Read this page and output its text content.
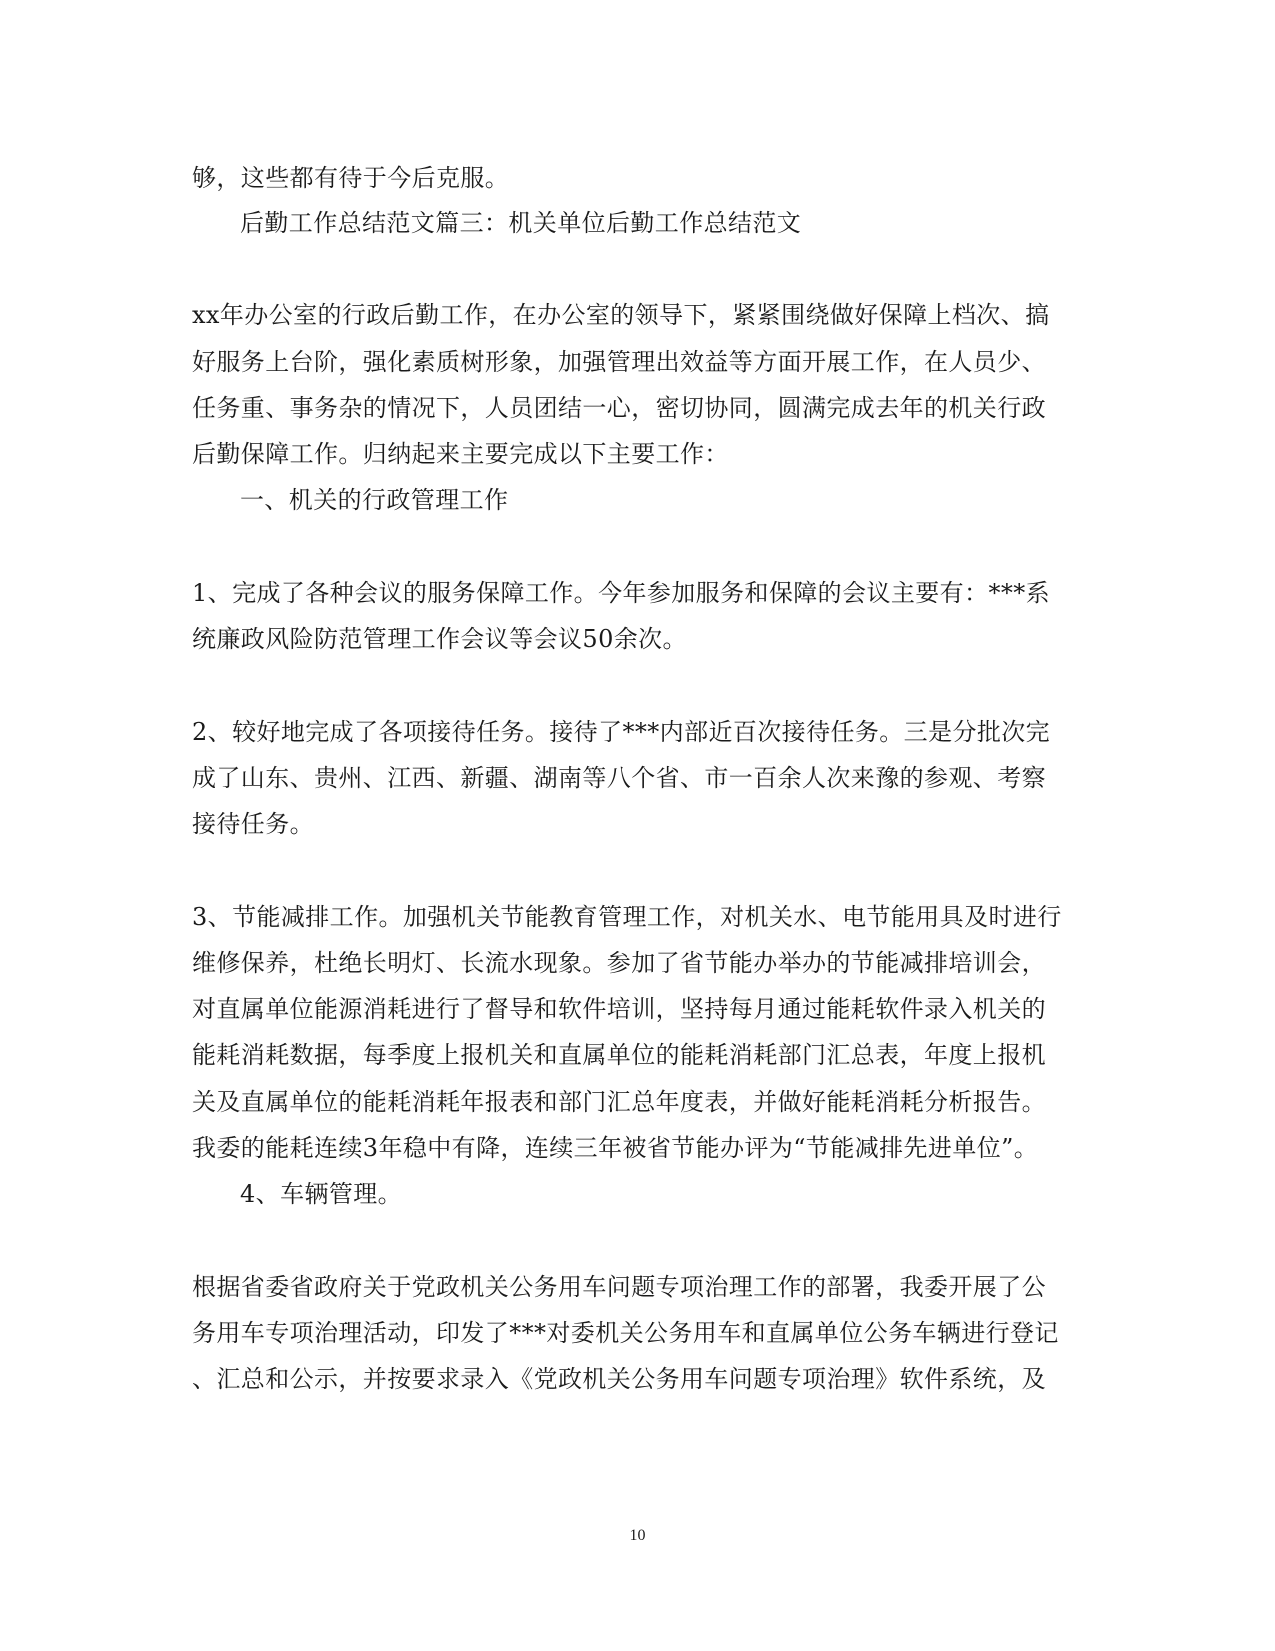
够，这些都有待于今后克服。
后勤工作总结范文篇三：机关单位后勤工作总结范文
xx年办公室的行政后勤工作，在办公室的领导下，紧紧围绕做好保障上档次、搞
好服务上台阶，强化素质树形象，加强管理出效益等方面开展工作，在人员少、
任务重、事务杂的情况下，人员团结一心，密切协同，圆满完成去年的机关行政
后勤保障工作。归纳起来主要完成以下主要工作：
一、机关的行政管理工作
1、完成了各种会议的服务保障工作。今年参加服务和保障的会议主要有：***系
统廉政风险防范管理工作会议等会议50余次。
2、较好地完成了各项接待任务。接待了***内部近百次接待任务。三是分批次完
成了山东、贵州、江西、新疆、湖南等八个省、市一百余人次来豫的参观、考察
接待任务。
3、节能减排工作。加强机关节能教育管理工作，对机关水、电节能用具及时进行
维修保养，杜绝长明灯、长流水现象。参加了省节能办举办的节能减排培训会，
对直属单位能源消耗进行了督导和软件培训，坚持每月通过能耗软件录入机关的
能耗消耗数据，每季度上报机关和直属单位的能耗消耗部门汇总表，年度上报机
关及直属单位的能耗消耗年报表和部门汇总年度表，并做好能耗消耗分析报告。
我委的能耗连续3年稳中有降，连续三年被省节能办评为“节能减排先进单位”。
4、车辆管理。
根据省委省政府关于党政机关公务用车问题专项治理工作的部署，我委开展了公
务用车专项治理活动，印发了***对委机关公务用车和直属单位公务车辆进行登记
、汇总和公示，并按要求录入《党政机关公务用车问题专项治理》软件系统，及
10
